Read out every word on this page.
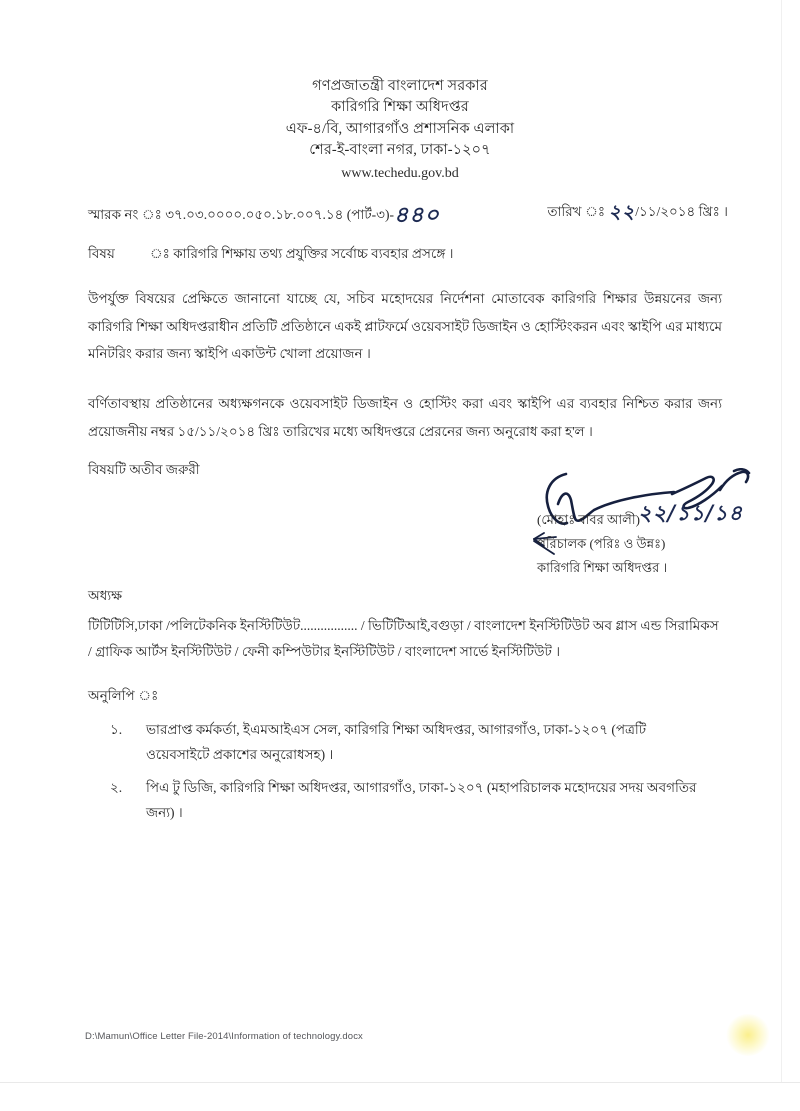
গণপ্রজাতন্ত্রী বাংলাদেশ সরকার
কারিগরি শিক্ষা অধিদপ্তর
এফ-৪/বি, আগারগাঁও প্রশাসনিক এলাকা
শের-ই-বাংলা নগর, ঢাকা-১২০৭
www.techedu.gov.bd
স্মারক নং ঃ ৩৭.০৩.০০০০.০৫০.১৮.০০৭.১৪ (পার্ট-৩)-৪৪০	তারিখ ঃ ২২/১১/২০১৪ খ্রিঃ ।
বিষয়	ঃ কারিগরি শিক্ষায় তথ্য প্রযুক্তির সর্বোচ্চ ব্যবহার প্রসঙ্গে ।
উপর্যুক্ত বিষয়ের প্রেক্ষিতে জানানো যাচ্ছে যে, সচিব মহোদয়ের নির্দেশনা মোতাবেক কারিগরি শিক্ষার উন্নয়নের জন্য কারিগরি শিক্ষা অধিদপ্তরাধীন প্রতিটি প্রতিষ্ঠানে একই প্লাটফর্মে ওয়েবসাইট ডিজাইন ও হোস্টিংকরন এবং স্কাইপি এর মাধ্যমে মনিটরিং করার জন্য স্কাইপি একাউন্ট খোলা প্রয়োজন ।
বর্ণিতাবস্থায় প্রতিষ্ঠানের অধ্যক্ষগনকে ওয়েবসাইট ডিজাইন ও হোস্টিং করা এবং স্কাইপি এর ব্যবহার নিশ্চিত করার জন্য প্রয়োজনীয় নম্বর ১৫/১১/২০১৪ খ্রিঃ তারিখের মধ্যে অধিদপ্তরে প্রেরনের জন্য অনুরোধ করা হ'ল ।
বিষয়টি অতীব জরুরী
২২/১১/১৪
(মোহাঃ বাবর আলী)
পরিচালক (পরিঃ ও উন্নঃ)
কারিগরি শিক্ষা অধিদপ্তর ।
অধ্যক্ষ
টিটিটিসি,ঢাকা /পলিটেকনিক ইনস্টিটিউট................. / ভিটিটিআই,বগুড়া / বাংলাদেশ ইনস্টিটিউট অব গ্লাস এন্ড সিরামিকস
/ গ্রাফিক আর্টস ইনস্টিটিউট / ফেনী কম্পিউটার ইনস্টিটিউট / বাংলাদেশ সার্ভে ইনস্টিটিউট ।
অনুলিপি ঃ
১.	ভারপ্রাপ্ত কর্মকর্তা, ইএমআইএস সেল, কারিগরি শিক্ষা অধিদপ্তর, আগারগাঁও, ঢাকা-১২০৭ (পত্রটি ওয়েবসাইটে প্রকাশের অনুরোধসহ) ।
২.	পিএ টু ডিজি, কারিগরি শিক্ষা অধিদপ্তর, আগারগাঁও, ঢাকা-১২০৭ (মহাপরিচালক মহোদয়ের সদয় অবগতির জন্য) ।
D:\Mamun\Office Letter File-2014\Information of technology.docx
